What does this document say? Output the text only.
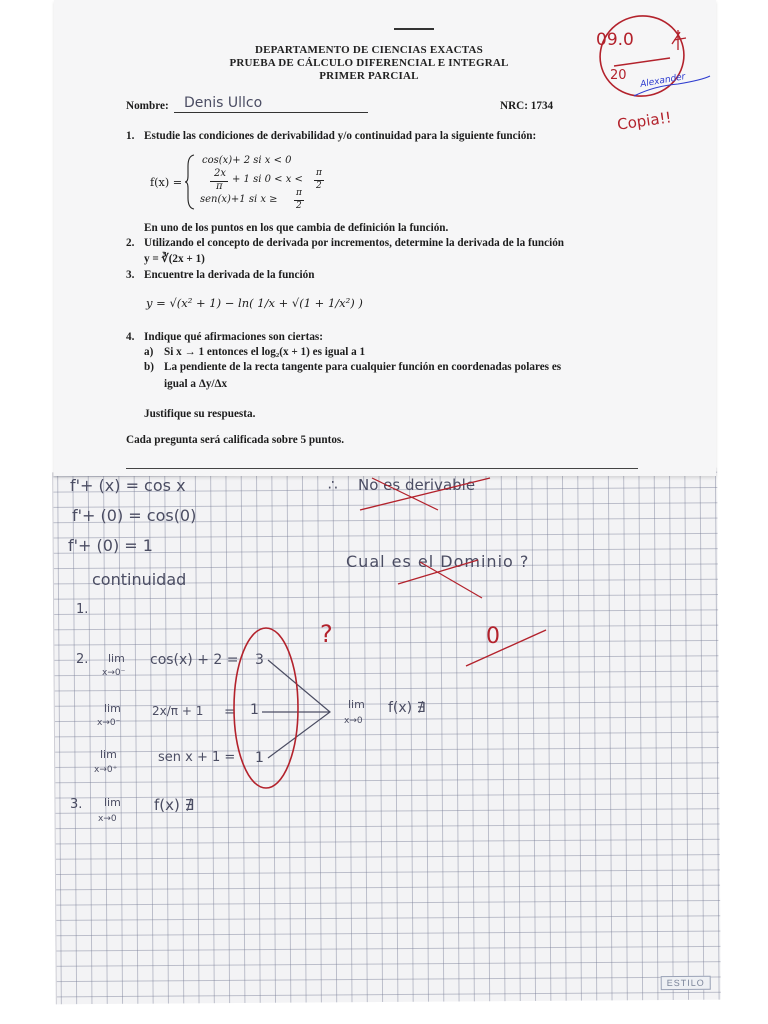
ESTILO
f'+ (x) = cos x
f'+ (0) = cos(0)
f'+ (0) = 1
continuidad
∴ No es derivable
Cual es el Dominio ?
1.
2.
3.
lim
x→0⁻
cos(x) + 2 = 3
lim
x→0⁻
2x/π + 1 = 1
lim
x→0⁺
sen x + 1 = 1
lim
x→0
f(x) ∄
lim
x→0
f(x) ∄
?	0
DEPARTAMENTO DE CIENCIAS EXACTAS
PRUEBA DE CÁLCULO DIFERENCIAL E INTEGRAL
PRIMER PARCIAL
Nombre: Denis Ullco	NRC: 1734
1. Estudie las condiciones de derivabilidad y/o continuidad para la siguiente función:
f(x) =
cos(x)+ 2 si x < 0
2x
π
+ 1 si 0 < x <
π
2
sen(x)+1 si x ≥
π
2
En uno de los puntos en los que cambia de definición la función.
2. Utilizando el concepto de derivada por incrementos, determine la derivada de la función
y = ∛(2x + 1)
3. Encuentre la derivada de la función
y = √(x² + 1) − ln( 1/x + √(1 + 1/x²) )
4. Indique qué afirmaciones son ciertas:
a) Si x → 1 entonces el log₂(x + 1) es igual a 1
b) La pendiente de la recta tangente para cualquier función en coordenadas polares es
igual a Δy/Δx
Justifique su respuesta.
Cada pregunta será calificada sobre 5 puntos.
09.0
20 Alexander
Copia!!
